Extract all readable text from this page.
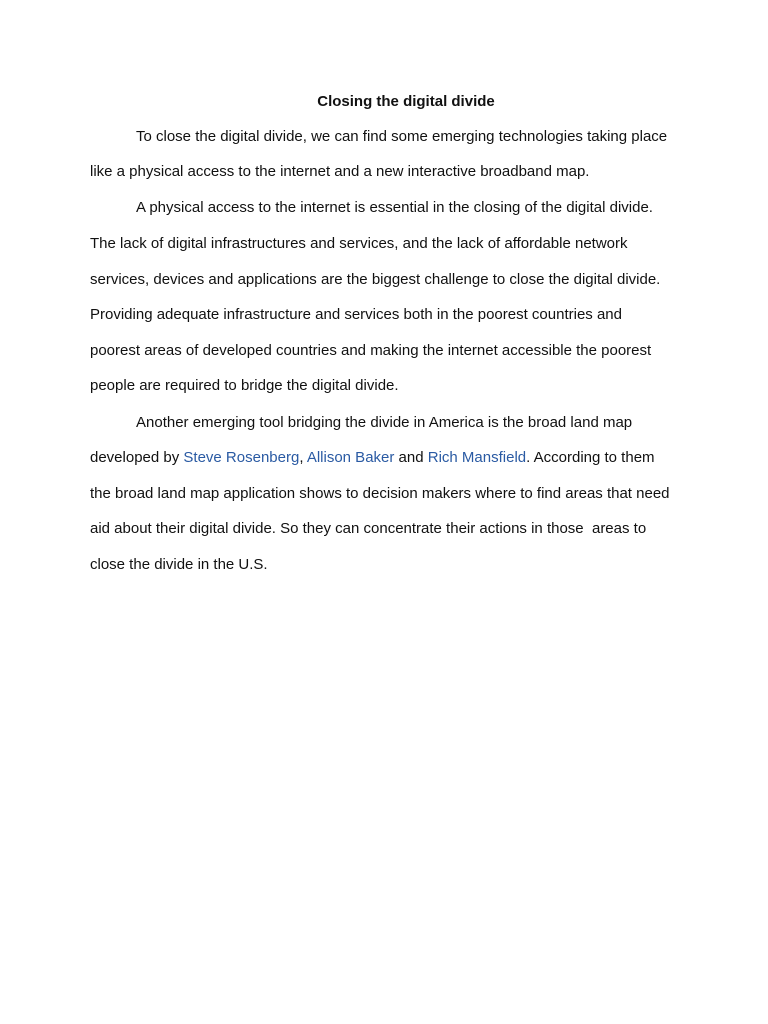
Closing the digital divide
To close the digital divide, we can find some emerging technologies taking place
like a physical access to the internet and a new interactive broadband map.
A physical access to the internet is essential in the closing of the digital divide.
The lack of digital infrastructures and services, and the lack of affordable network
services, devices and applications are the biggest challenge to close the digital divide.
Providing adequate infrastructure and services both in the poorest countries and
poorest areas of developed countries and making the internet accessible the poorest
people are required to bridge the digital divide.
Another emerging tool bridging the divide in America is the broad land map
developed by Steve Rosenberg, Allison Baker and Rich Mansfield. According to them
the broad land map application shows to decision makers where to find areas that need
aid about their digital divide. So they can concentrate their actions in those  areas to
close the divide in the U.S.
